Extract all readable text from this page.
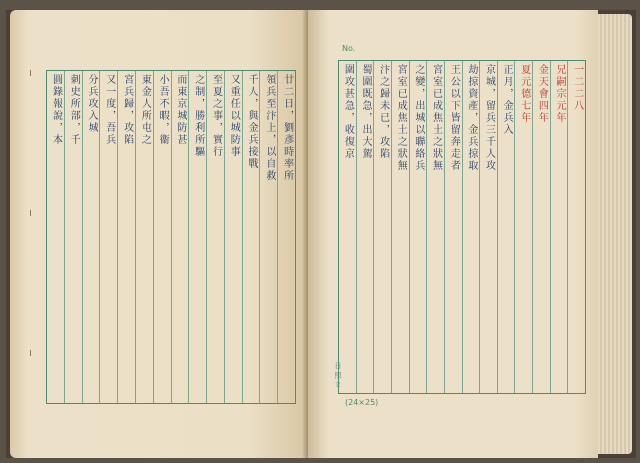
廿二日，劉彥時率所
領兵至汴上，以自救
千人，與金兵接戰
又重任以城防事
至夏之事，實行
之制，勝利所驅
而東京城防甚
小吾不暇，衞
東金人所屯之
宮兵歸，攻陷
又一度，吾兵
分兵攻入城
刺史所部，千
圓錄報說，本
No.
一二二八
兄嗣宗元年
金天會四年
夏元德七年
正月，金兵入
京城，留兵三千人攻
劫掠資產，金兵掠取
王公以下皆留奔走者
宮室已成焦土之狀無
之變，出城以聯絡兵
宮室已成焦土之狀無
汴之歸未已，攻陷
蜀圍既急，出大駕
圍攻甚急，收復京
日 照 ま
(24×25)
